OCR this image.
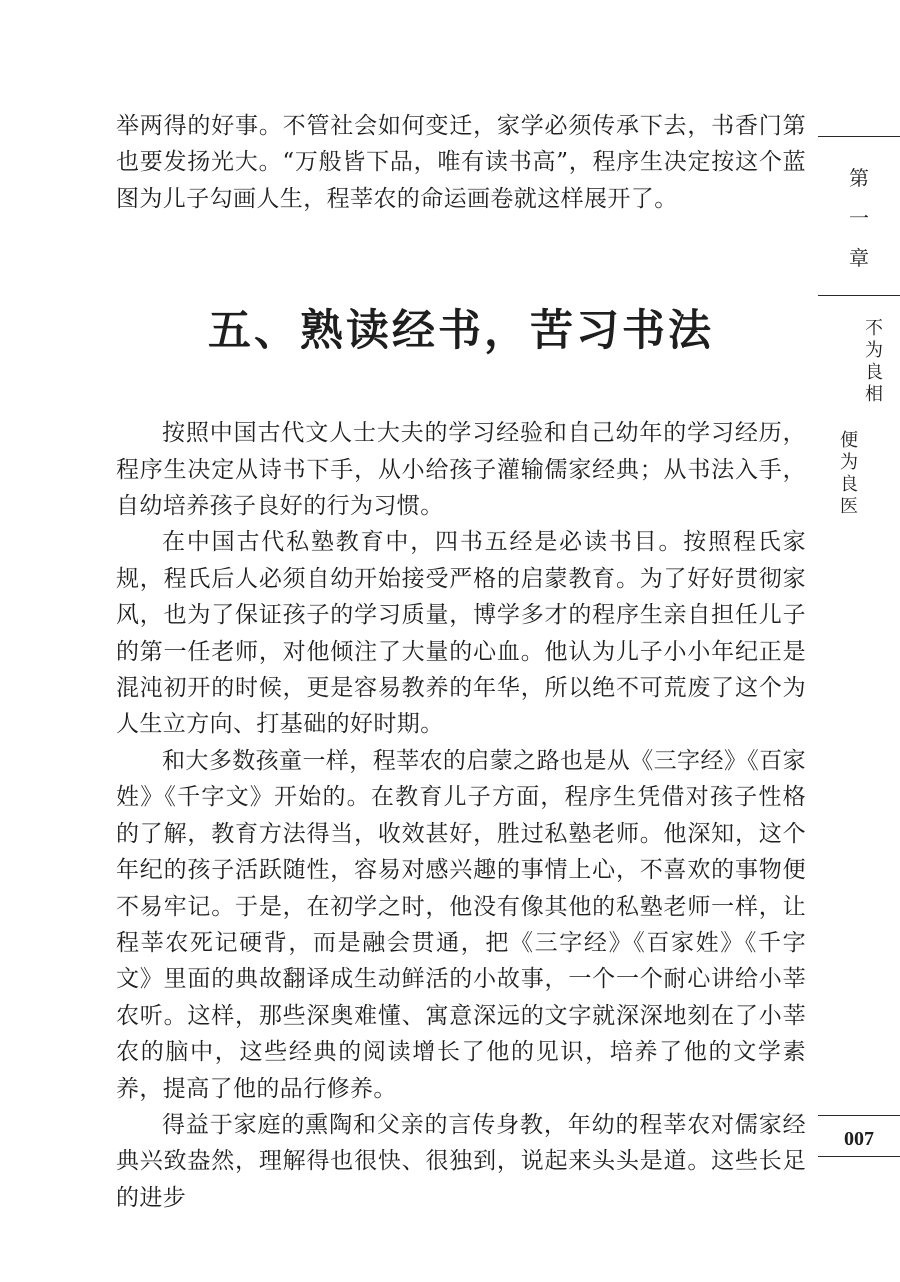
举两得的好事。不管社会如何变迁，家学必须传承下去，书香门第也要发扬光大。“万般皆下品，唯有读书高”，程序生决定按这个蓝图为儿子勾画人生，程莘农的命运画卷就这样展开了。

五、熟读经书，苦习书法

按照中国古代文人士大夫的学习经验和自己幼年的学习经历，程序生决定从诗书下手，从小给孩子灌输儒家经典；从书法入手，自幼培养孩子良好的行为习惯。

在中国古代私塾教育中，四书五经是必读书目。按照程氏家规，程氏后人必须自幼开始接受严格的启蒙教育。为了好好贯彻家风，也为了保证孩子的学习质量，博学多才的程序生亲自担任儿子的第一任老师，对他倾注了大量的心血。他认为儿子小小年纪正是混沌初开的时候，更是容易教养的年华，所以绝不可荒废了这个为人生立方向、打基础的好时期。

和大多数孩童一样，程莘农的启蒙之路也是从《三字经》《百家姓》《千字文》开始的。在教育儿子方面，程序生凭借对孩子性格的了解，教育方法得当，收效甚好，胜过私塾老师。他深知，这个年纪的孩子活跃随性，容易对感兴趣的事情上心，不喜欢的事物便不易牢记。于是，在初学之时，他没有像其他的私塾老师一样，让程莘农死记硬背，而是融会贯通，把《三字经》《百家姓》《千字文》里面的典故翻译成生动鲜活的小故事，一个一个耐心讲给小莘农听。这样，那些深奥难懂、寓意深远的文字就深深地刻在了小莘农的脑中，这些经典的阅读增长了他的见识，培养了他的文学素养，提高了他的品行修养。

得益于家庭的熏陶和父亲的言传身教，年幼的程莘农对儒家经典兴致盎然，理解得也很快、很独到，说起来头头是道。这些长足的进步

第
一
章
不为良相
便为良医
007
